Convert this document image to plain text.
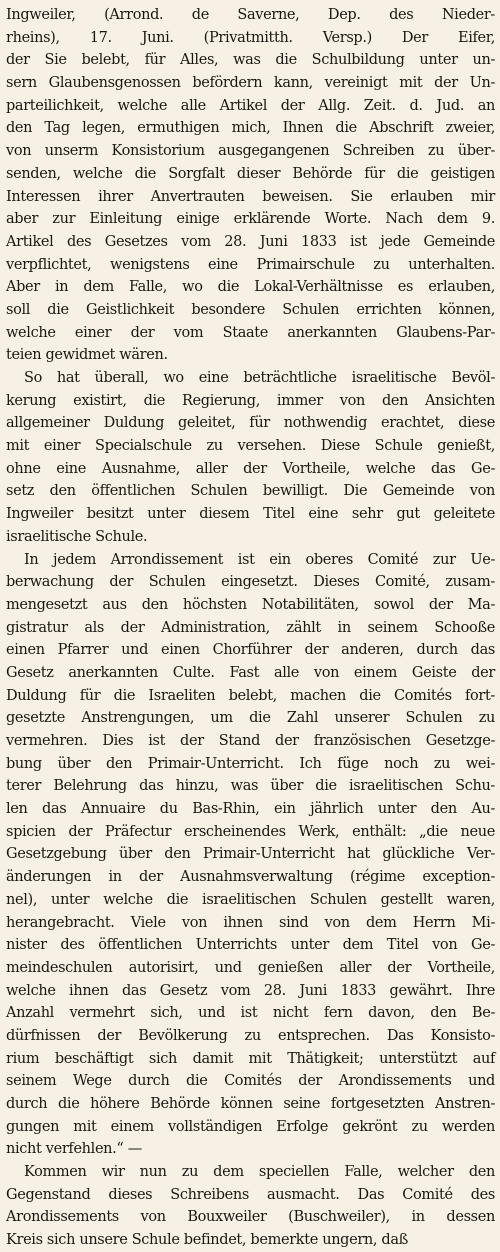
Ingweiler, (Arrond. de Saverne, Dep. des Nieder-
rheins), 17. Juni. (Privatmitth. Versp.) Der Eifer,
der Sie belebt, für Alles, was die Schulbildung unter un-
sern Glaubensgenossen befördern kann, vereinigt mit der Un-
parteilichkeit, welche alle Artikel der Allg. Zeit. d. Jud. an
den Tag legen, ermuthigen mich, Ihnen die Abschrift zweier,
von unserm Konsistorium ausgegangenen Schreiben zu über-
senden, welche die Sorgfalt dieser Behörde für die geistigen
Interessen ihrer Anvertrauten beweisen. Sie erlauben mir
aber zur Einleitung einige erklärende Worte. Nach dem 9.
Artikel des Gesetzes vom 28. Juni 1833 ist jede Gemeinde
verpflichtet, wenigstens eine Primairschule zu unterhalten.
Aber in dem Falle, wo die Lokal-Verhältnisse es erlauben,
soll die Geistlichkeit besondere Schulen errichten können,
welche einer der vom Staate anerkannten Glaubens-Par-
teien gewidmet wären.
So hat überall, wo eine beträchtliche israelitische Bevöl-
kerung existirt, die Regierung, immer von den Ansichten
allgemeiner Duldung geleitet, für nothwendig erachtet, diese
mit einer Specialschule zu versehen. Diese Schule genießt,
ohne eine Ausnahme, aller der Vortheile, welche das Ge-
setz den öffentlichen Schulen bewilligt. Die Gemeinde von
Ingweiler besitzt unter diesem Titel eine sehr gut geleitete
israelitische Schule.
In jedem Arrondissement ist ein oberes Comité zur Ue-
berwachung der Schulen eingesetzt. Dieses Comité, zusam-
mengesetzt aus den höchsten Notabilitäten, sowol der Ma-
gistratur als der Administration, zählt in seinem Schooße
einen Pfarrer und einen Chorführer der anderen, durch das
Gesetz anerkannten Culte. Fast alle von einem Geiste der
Duldung für die Israeliten belebt, machen die Comités fort-
gesetzte Anstrengungen, um die Zahl unserer Schulen zu
vermehren. Dies ist der Stand der französischen Gesetzge-
bung über den Primair-Unterricht. Ich füge noch zu wei-
terer Belehrung das hinzu, was über die israelitischen Schu-
len das Annuaire du Bas-Rhin, ein jährlich unter den Au-
spicien der Präfectur erscheinendes Werk, enthält: „die neue
Gesetzgebung über den Primair-Unterricht hat glückliche Ver-
änderungen in der Ausnahmsverwaltung (régime exception-
nel), unter welche die israelitischen Schulen gestellt waren,
herangebracht. Viele von ihnen sind von dem Herrn Mi-
nister des öffentlichen Unterrichts unter dem Titel von Ge-
meindeschulen autorisirt, und genießen aller der Vortheile,
welche ihnen das Gesetz vom 28. Juni 1833 gewährt. Ihre
Anzahl vermehrt sich, und ist nicht fern davon, den Be-
dürfnissen der Bevölkerung zu entsprechen. Das Konsisto-
rium beschäftigt sich damit mit Thätigkeit; unterstützt auf
seinem Wege durch die Comités der Arondissements und
durch die höhere Behörde können seine fortgesetzten Anstren-
gungen mit einem vollständigen Erfolge gekrönt zu werden
nicht verfehlen.“ —
Kommen wir nun zu dem speciellen Falle, welcher den
Gegenstand dieses Schreibens ausmacht. Das Comité des
Arondissements von Bouxweiler (Buschweiler), in dessen
Kreis sich unsere Schule befindet, bemerkte ungern, daß
